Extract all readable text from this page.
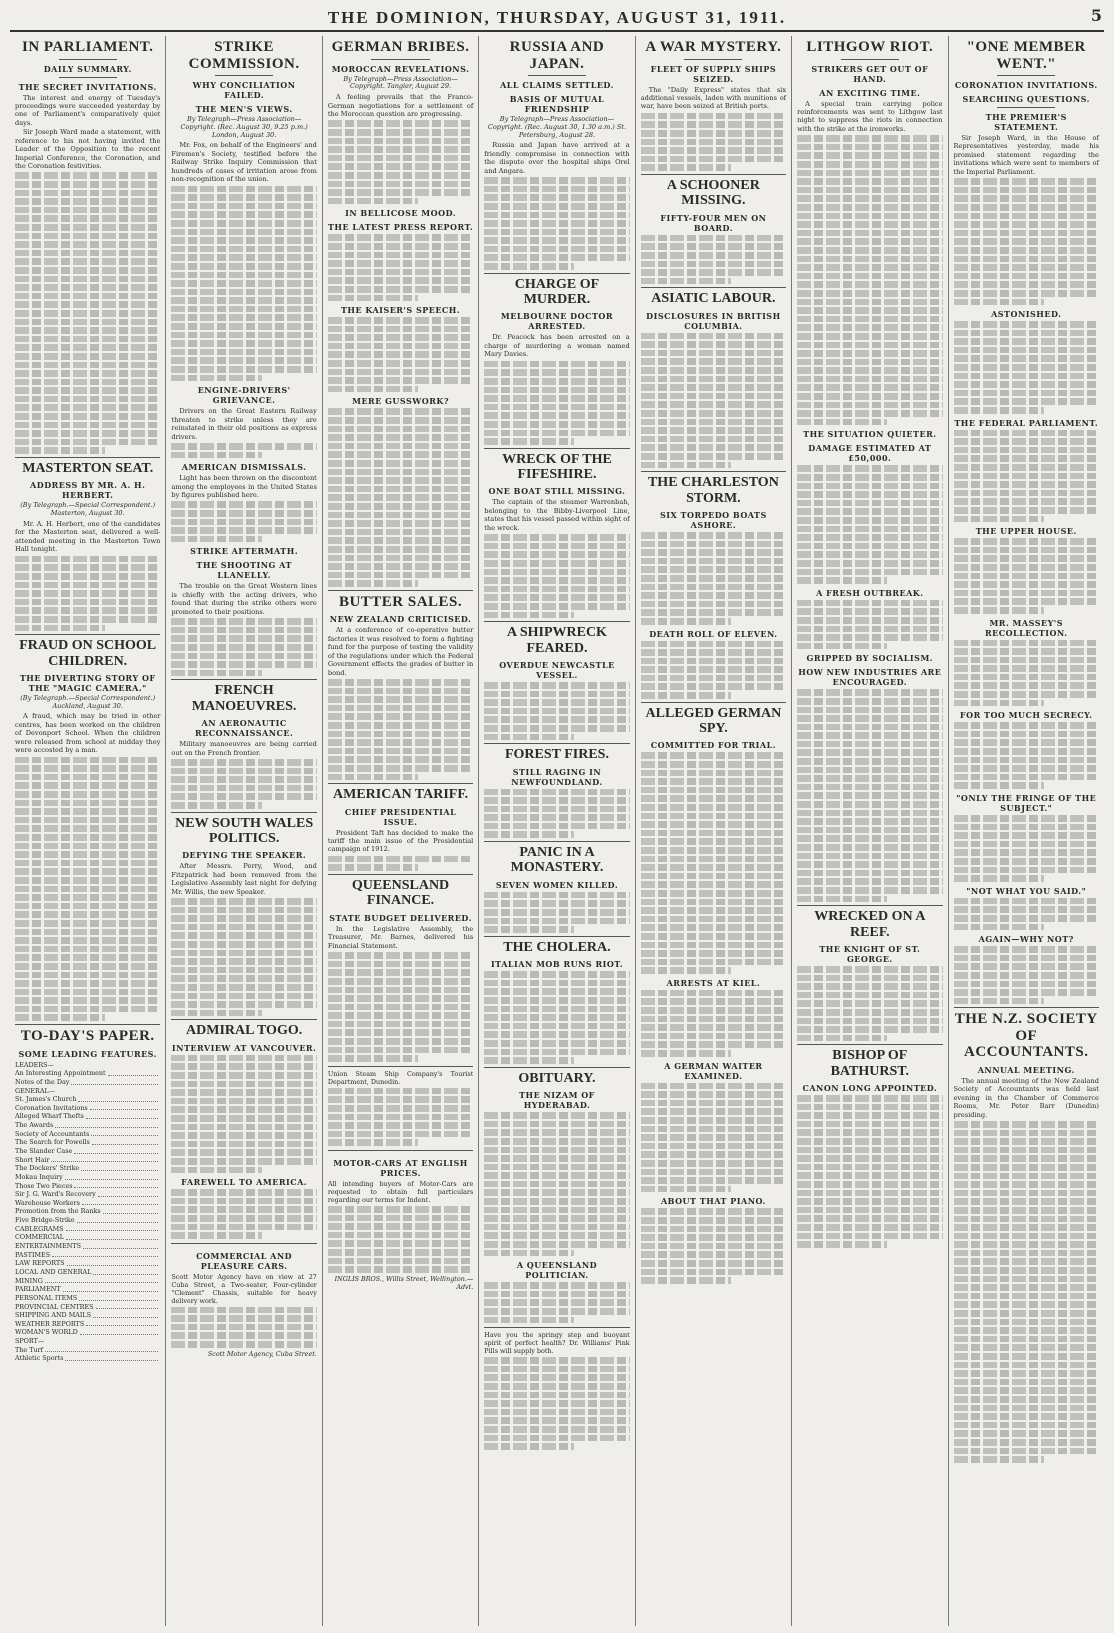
THE DOMINION, THURSDAY, AUGUST 31, 1911.	5
IN PARLIAMENT.
DAILY SUMMARY.
THE SECRET INVITATIONS.

The interest and energy of Tuesday's proceedings were succeeded yesterday by one of Parliament's comparatively quiet days.

Sir Joseph Ward made a statement, with reference to his not having invited the Leader of the Opposition to the recent Imperial Conference, the Coronation, and the Coronation festivities.

MASTERTON SEAT.
ADDRESS BY MR. A. H. HERBERT.
(By Telegraph.—Special Correspondent.) Masterton, August 30.

Mr. A. H. Herbert, one of the candidates for the Masterton seat, delivered a well-attended meeting in the Masterton Town Hall tonight.

FRAUD ON SCHOOL CHILDREN.
THE DIVERTING STORY OF THE "MAGIC CAMERA."
(By Telegraph.—Special Correspondent.) Auckland, August 30.

A fraud, which may be tried in other centres, has been worked on the children of Devonport School. When the children were released from school at midday they were accosted by a man.

TO-DAY'S PAPER.
SOME LEADING FEATURES.
LEADERS—
An Interesting Appointment
Notes of the Day
GENERAL—
St. James's Church
Coronation Invitations
Alleged Wharf Thefts
The Awards
Society of Accountants
The Search for Powells
The Slander Case
Short Hair
The Dockers' Strike
Mokau Inquiry
Those Two Pieces
Sir J. G. Ward's Recovery
Warehouse Workers
Promotion from the Ranks
Five Bridge-Strike
CABLEGRAMS
COMMERCIAL
ENTERTAINMENTS
PASTIMES
LAW REPORTS
LOCAL AND GENERAL
MINING
PARLIAMENT
PERSONAL ITEMS
PROVINCIAL CENTRES
SHIPPING AND MAILS
WEATHER REPORTS
WOMAN'S WORLD
SPORT—
The Turf
Athletic Sports
STRIKE COMMISSION.
WHY CONCILIATION FAILED.
THE MEN'S VIEWS.
By Telegraph—Press Association—Copyright. (Rec. August 30, 9.25 p.m.) London, August 30.

Mr. Fox, on behalf of the Engineers' and Firemen's Society, testified before the Railway Strike Inquiry Commission that hundreds of cases of irritation arose from non-recognition of the union.

ENGINE-DRIVERS' GRIEVANCE.

Drivers on the Great Eastern Railway threaten to strike unless they are reinstated in their old positions as express drivers.

AMERICAN DISMISSALS.

Light has been thrown on the discontent among the employees in the United States by figures published here.

STRIKE AFTERMATH.
THE SHOOTING AT LLANELLY.

The trouble on the Great Western lines is chiefly with the acting drivers, who found that during the strike others were promoted to their positions.

FRENCH MANOEUVRES.
AN AERONAUTIC RECONNAISSANCE.

Military manoeuvres are being carried out on the French frontier.

NEW SOUTH WALES POLITICS.
DEFYING THE SPEAKER.

After Messrs. Perry, Wood, and Fitzpatrick had been removed from the Legislative Assembly last night for defying Mr. Willis, the new Speaker.

ADMIRAL TOGO.
INTERVIEW AT VANCOUVER.
FAREWELL TO AMERICA.
COMMERCIAL AND PLEASURE CARS.

Scott Motor Agency have on view at 27 Cuba Street, a Two-seater, Four-cylinder "Clement" Chassis, suitable for heavy delivery work.

Scott Motor Agency, Cuba Street.

GERMAN BRIBES.
MOROCCAN REVELATIONS.
By Telegraph—Press Association—Copyright. Tangier, August 29.

A feeling prevails that the Franco-German negotiations for a settlement of the Moroccan question are progressing.

IN BELLICOSE MOOD.
THE LATEST PRESS REPORT.
THE KAISER'S SPEECH.
MERE GUSSWORK?
BUTTER SALES.
NEW ZEALAND CRITICISED.

At a conference of co-operative butter factories it was resolved to form a fighting fund for the purpose of testing the validity of the regulations under which the Federal Government effects the grades of butter in bond.

AMERICAN TARIFF.
CHIEF PRESIDENTIAL ISSUE.

President Taft has decided to make the tariff the main issue of the Presidential campaign of 1912.

QUEENSLAND FINANCE.
STATE BUDGET DELIVERED.

In the Legislative Assembly, the Treasurer, Mr. Barnes, delivered his Financial Statement.

Union Steam Ship Company's Tourist Department, Dunedin.

MOTOR-CARS AT ENGLISH PRICES.

All intending buyers of Motor-Cars are requested to obtain full particulars regarding our terms for Indent.

INGLIS BROS., Willis Street, Wellington.—Advt.

RUSSIA AND JAPAN.
ALL CLAIMS SETTLED.
BASIS OF MUTUAL FRIENDSHIP
By Telegraph—Press Association—Copyright. (Rec. August 30, 1.30 a.m.) St. Petersburg, August 28.

Russia and Japan have arrived at a friendly compromise in connection with the dispute over the hospital ships Orel and Angara.

CHARGE OF MURDER.
MELBOURNE DOCTOR ARRESTED.

Dr. Peacock has been arrested on a charge of murdering a woman named Mary Davies.

WRECK OF THE FIFESHIRE.
ONE BOAT STILL MISSING.

The captain of the steamer Warrenbah, belonging to the Bibby-Liverpool Line, states that his vessel passed within sight of the wreck.

A SHIPWRECK FEARED.
OVERDUE NEWCASTLE VESSEL.
FOREST FIRES.
STILL RAGING IN NEWFOUNDLAND.
PANIC IN A MONASTERY.
SEVEN WOMEN KILLED.
THE CHOLERA.
ITALIAN MOB RUNS RIOT.
OBITUARY.
THE NIZAM OF HYDERABAD.
A QUEENSLAND POLITICIAN.

Have you the springy step and buoyant spirit of perfect health? Dr. Williams' Pink Pills will supply both.

A WAR MYSTERY.
FLEET OF SUPPLY SHIPS SEIZED.

The "Daily Express" states that six additional vessels, laden with munitions of war, have been seized at British ports.

A SCHOONER MISSING.
FIFTY-FOUR MEN ON BOARD.
ASIATIC LABOUR.
DISCLOSURES IN BRITISH COLUMBIA.
THE CHARLESTON STORM.
SIX TORPEDO BOATS ASHORE.
DEATH ROLL OF ELEVEN.
ALLEGED GERMAN SPY.
COMMITTED FOR TRIAL.
ARRESTS AT KIEL.
A GERMAN WAITER EXAMINED.
ABOUT THAT PIANO.
LITHGOW RIOT.
STRIKERS GET OUT OF HAND.
AN EXCITING TIME.

A special train carrying police reinforcements was sent to Lithgow last night to suppress the riots in connection with the strike at the ironworks.

THE SITUATION QUIETER.
DAMAGE ESTIMATED AT £50,000.
A FRESH OUTBREAK.
GRIPPED BY SOCIALISM.
HOW NEW INDUSTRIES ARE ENCOURAGED.
WRECKED ON A REEF.
THE KNIGHT OF ST. GEORGE.
BISHOP OF BATHURST.
CANON LONG APPOINTED.
"ONE MEMBER WENT."
CORONATION INVITATIONS.
SEARCHING QUESTIONS.
THE PREMIER'S STATEMENT.

Sir Joseph Ward, in the House of Representatives yesterday, made his promised statement regarding the invitations which were sent to members of the Imperial Parliament.

ASTONISHED.
THE FEDERAL PARLIAMENT.
THE UPPER HOUSE.
MR. MASSEY'S RECOLLECTION.
FOR TOO MUCH SECRECY.
"ONLY THE FRINGE OF THE SUBJECT."
"NOT WHAT YOU SAID."
AGAIN—WHY NOT?
THE N.Z. SOCIETY OF ACCOUNTANTS.
ANNUAL MEETING.

The annual meeting of the New Zealand Society of Accountants was held last evening in the Chamber of Commerce Rooms, Mr. Peter Barr (Dunedin) presiding.
